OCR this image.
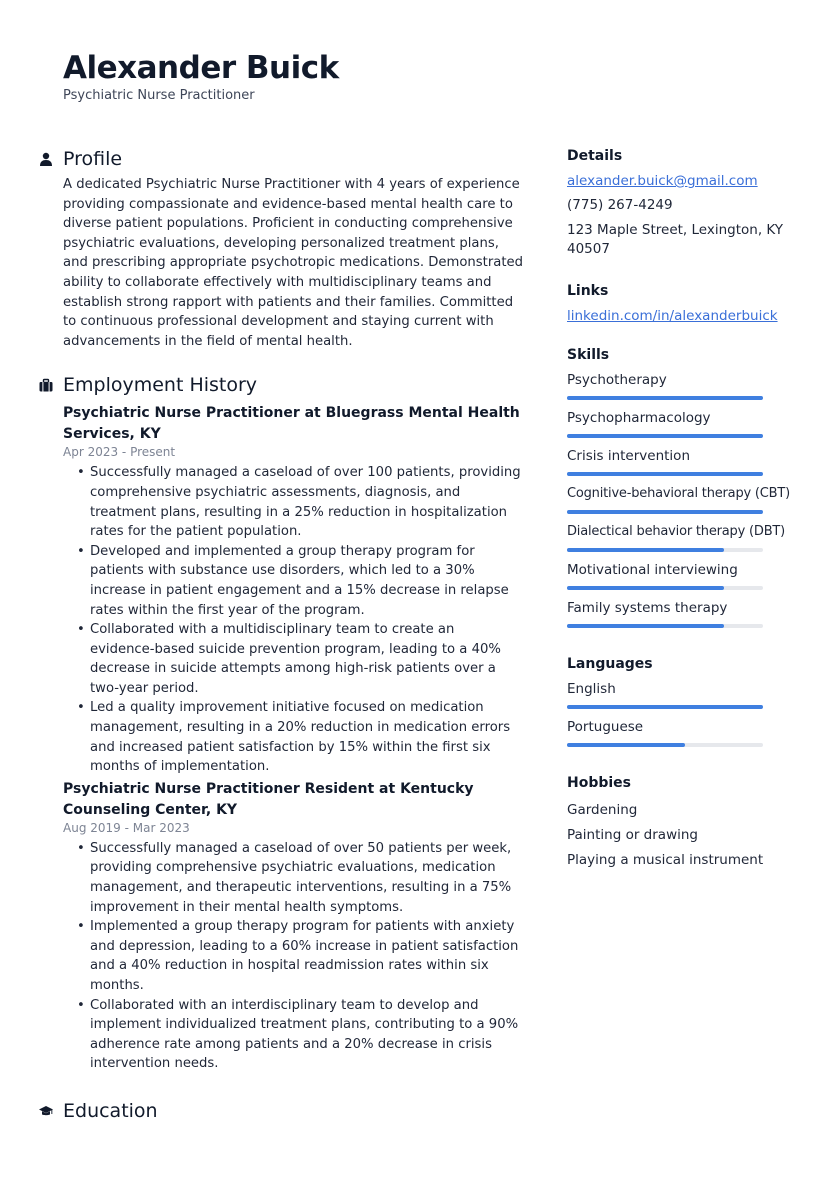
Alexander Buick
Psychiatric Nurse Practitioner
Profile
A dedicated Psychiatric Nurse Practitioner with 4 years of experience providing compassionate and evidence-based mental health care to diverse patient populations. Proficient in conducting comprehensive psychiatric evaluations, developing personalized treatment plans, and prescribing appropriate psychotropic medications. Demonstrated ability to collaborate effectively with multidisciplinary teams and establish strong rapport with patients and their families. Committed to continuous professional development and staying current with advancements in the field of mental health.
Employment History
Psychiatric Nurse Practitioner at Bluegrass Mental Health Services, KY
Apr 2023 - Present
• Successfully managed a caseload of over 100 patients, providing comprehensive psychiatric assessments, diagnosis, and treatment plans, resulting in a 25% reduction in hospitalization rates for the patient population.
• Developed and implemented a group therapy program for patients with substance use disorders, which led to a 30% increase in patient engagement and a 15% decrease in relapse rates within the first year of the program.
• Collaborated with a multidisciplinary team to create an evidence-based suicide prevention program, leading to a 40% decrease in suicide attempts among high-risk patients over a two-year period.
• Led a quality improvement initiative focused on medication management, resulting in a 20% reduction in medication errors and increased patient satisfaction by 15% within the first six months of implementation.
Psychiatric Nurse Practitioner Resident at Kentucky Counseling Center, KY
Aug 2019 - Mar 2023
• Successfully managed a caseload of over 50 patients per week, providing comprehensive psychiatric evaluations, medication management, and therapeutic interventions, resulting in a 75% improvement in their mental health symptoms.
• Implemented a group therapy program for patients with anxiety and depression, leading to a 60% increase in patient satisfaction and a 40% reduction in hospital readmission rates within six months.
• Collaborated with an interdisciplinary team to develop and implement individualized treatment plans, contributing to a 90% adherence rate among patients and a 20% decrease in crisis intervention needs.
Education
Details
alexander.buick@gmail.com
(775) 267-4249
123 Maple Street, Lexington, KY 40507
Links
linkedin.com/in/alexanderbuick
Skills
Psychotherapy
Psychopharmacology
Crisis intervention
Cognitive-behavioral therapy (CBT)
Dialectical behavior therapy (DBT)
Motivational interviewing
Family systems therapy
Languages
English
Portuguese
Hobbies
Gardening
Painting or drawing
Playing a musical instrument
